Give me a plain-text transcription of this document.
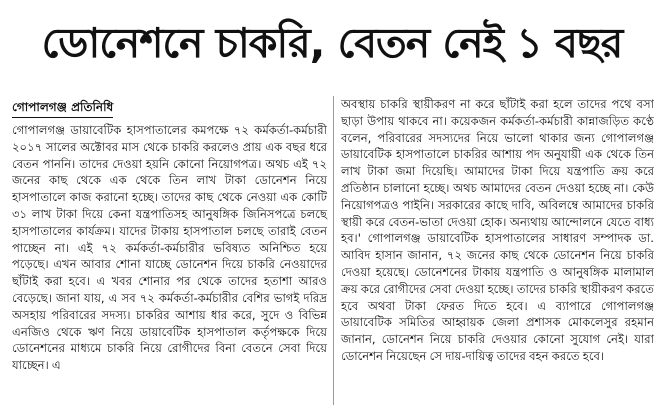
ডোনেশনে চাকরি, বেতন নেই ১ বছর
গোপালগঞ্জ প্রতিনিধি

গোপালগঞ্জ ডায়াবেটিক হাসপাতালের কমপক্ষে ৭২ কর্মকর্তা-কর্মচারী ২০১৭ সালের অক্টোবর মাস থেকে চাকরি করলেও প্রায় এক বছর ধরে বেতন পাননি। তাদের দেওয়া হয়নি কোনো নিয়োগপত্র। অথচ এই ৭২ জনের কাছ থেকে এক থেকে তিন লাখ টাকা ডোনেশন নিয়ে হাসপাতালে কাজ করানো হচ্ছে। তাদের কাছ থেকে নেওয়া এক কোটি ৩১ লাখ টাকা দিয়ে কেনা যন্ত্রপাতিসহ আনুষঙ্গিক জিনিসপত্রে চলছে হাসপাতালের কার্যক্রম। যাদের টাকায় হাসপাতাল চলছে তারাই বেতন পাচ্ছেন না। এই ৭২ কর্মকর্তা-কর্মচারীর ভবিষ্যত অনিশ্চিত হয়ে পড়েছে। এখন আবার শোনা যাচ্ছে ডোনেশন দিয়ে চাকরি নেওয়াদের ছাঁটাই করা হবে। এ খবর শোনার পর থেকে তাদের হতাশা আরও বেড়েছে। জানা যায়, এ সব ৭২ কর্মকর্তা-কর্মচারীর বেশির ভাগই দরিদ্র অসহায় পরিবারের সদস্য। চাকরির আশায় ধার করে, সুদে ও বিভিন্ন এনজিও থেকে ঋণ নিয়ে ডায়াবেটিক হাসপাতাল কর্তৃপক্ষকে দিয়ে ডোনেশনের মাধ্যমে চাকরি নিয়ে রোগীদের বিনা বেতনে সেবা দিয়ে যাচ্ছেন। এ

অবস্থায় চাকরি স্থায়ীকরণ না করে ছাঁটাই করা হলে তাদের পথে বসা ছাড়া উপায় থাকবে না। কয়েকজন কর্মকর্তা-কর্মচারী কান্নাজড়িত কণ্ঠে বলেন, পরিবারের সদস্যদের নিয়ে ভালো থাকার জন্য গোপালগঞ্জ ডায়াবেটিক হাসপাতালে চাকরির আশায় পদ অনুযায়ী এক থেকে তিন লাখ টাকা জমা দিয়েছি। আমাদের টাকা দিয়ে যন্ত্রপাতি ক্রয় করে প্রতিষ্ঠান চালানো হচ্ছে। অথচ আমাদের বেতন দেওয়া হচ্ছে না। কেউ নিয়োগপত্রও পাইনি। সরকারের কাছে দাবি, অবিলম্বে আমাদের চাকরি স্থায়ী করে বেতন-ভাতা দেওয়া হোক। অন্যথায় আন্দোলনে যেতে বাধ্য হব।' গোপালগঞ্জ ডায়াবেটিক হাসপাতালের সাধারণ সম্পাদক ডা. আবিদ হাসান জানান, ৭২ জনের কাছ থেকে ডোনেশন নিয়ে চাকরি দেওয়া হয়েছে। ডোনেশনের টাকায় যন্ত্রপাতি ও আনুষঙ্গিক মালামাল ক্রয় করে রোগীদের সেবা দেওয়া হচ্ছে। তাদের চাকরি স্থায়ীকরণ করতে হবে অথবা টাকা ফেরত দিতে হবে। এ ব্যাপারে গোপালগঞ্জ ডায়াবেটিক সমিতির আহ্বায়ক জেলা প্রশাসক মোকলেসুর রহমান জানান, ডোনেশন নিয়ে চাকরি দেওয়ার কোনো সুযোগ নেই। যারা ডোনেশন নিয়েছেন সে দায়-দায়িত্ব তাদের বহন করতে হবে।
